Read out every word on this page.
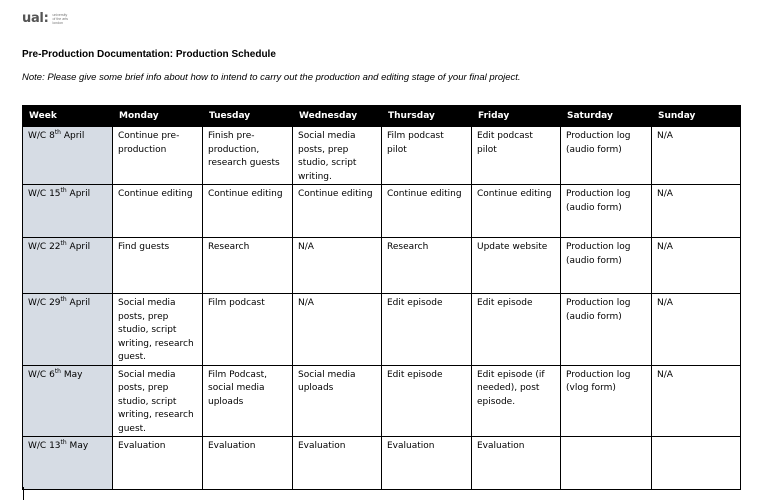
ual: university
of the arts
london
Pre-Production Documentation: Production Schedule
Note: Please give some brief info about how to intend to carry out the production and editing stage of your final project.
Week	Monday	Tuesday	Wednesday	Thursday	Friday	Saturday	Sunday
W/C 8th April	Continue pre-production	Finish pre-production, research guests	Social media posts, prep studio, script writing.	Film podcast pilot	Edit podcast pilot	Production log (audio form)	N/A
W/C 15th April	Continue editing	Continue editing	Continue editing	Continue editing	Continue editing	Production log (audio form)	N/A
W/C 22th April	Find guests	Research	N/A	Research	Update website	Production log (audio form)	N/A
W/C 29th April	Social media posts, prep studio, script writing, research guest.	Film podcast	N/A	Edit episode	Edit episode	Production log (audio form)	N/A
W/C 6th May	Social media posts, prep studio, script writing, research guest.	Film Podcast, social media uploads	Social media uploads	Edit episode	Edit episode (if needed), post episode.	Production log (vlog form)	N/A
W/C 13th May	Evaluation	Evaluation	Evaluation	Evaluation	Evaluation		
